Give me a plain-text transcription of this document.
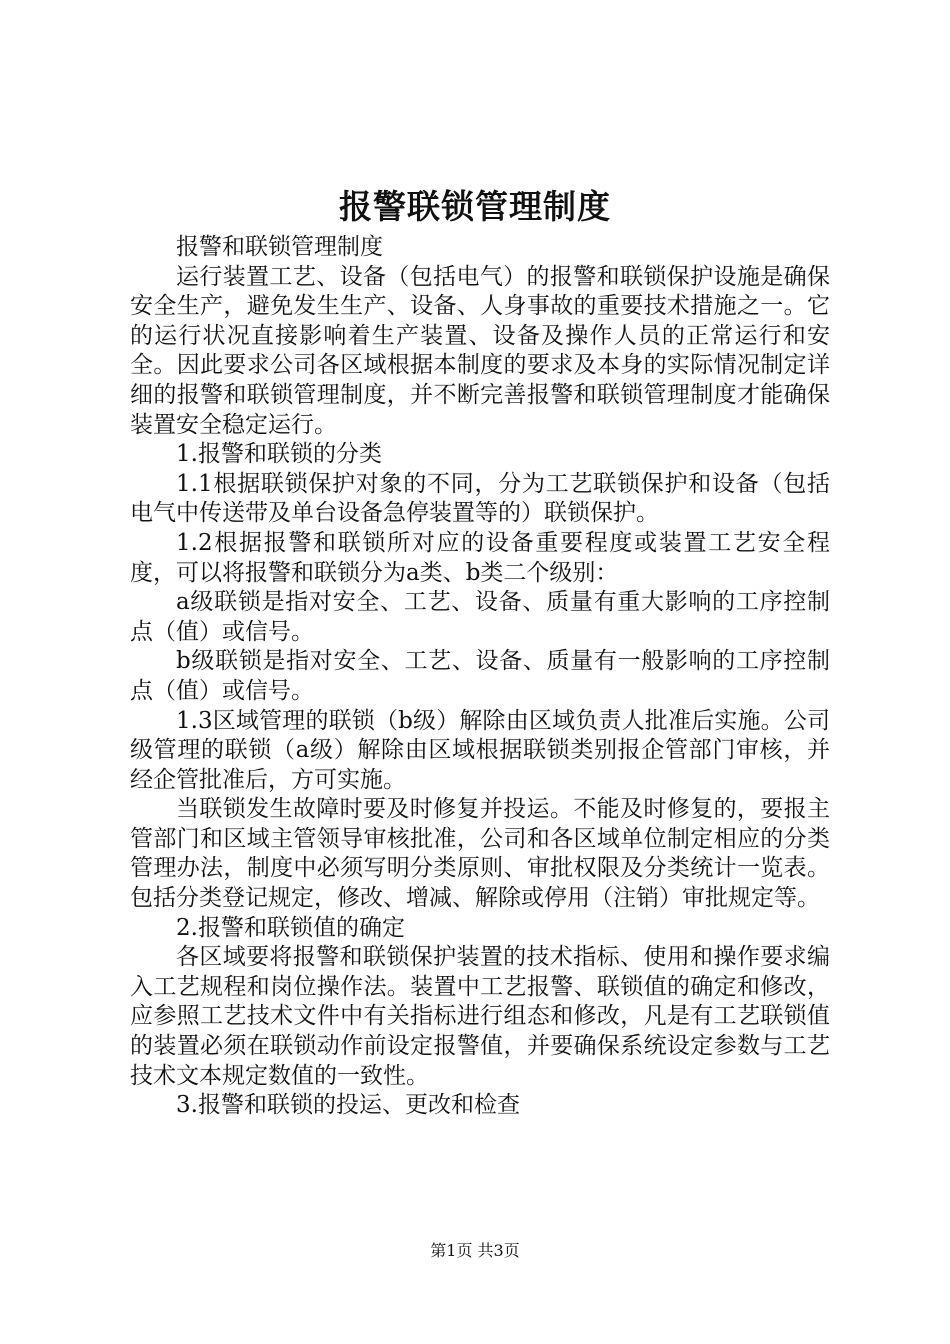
报警联锁管理制度

报警和联锁管理制度

运行装置工艺、设备（包括电气）的报警和联锁保护设施是确保安全生产，避免发生生产、设备、人身事故的重要技术措施之一。它的运行状况直接影响着生产装置、设备及操作人员的正常运行和安全。因此要求公司各区域根据本制度的要求及本身的实际情况制定详细的报警和联锁管理制度，并不断完善报警和联锁管理制度才能确保装置安全稳定运行。

1.报警和联锁的分类

1.1根据联锁保护对象的不同，分为工艺联锁保护和设备（包括电气中传送带及单台设备急停装置等的）联锁保护。

1.2根据报警和联锁所对应的设备重要程度或装置工艺安全程度，可以将报警和联锁分为a类、b类二个级别：

a级联锁是指对安全、工艺、设备、质量有重大影响的工序控制点（值）或信号。

b级联锁是指对安全、工艺、设备、质量有一般影响的工序控制点（值）或信号。

1.3区域管理的联锁（b级）解除由区域负责人批准后实施。公司级管理的联锁（a级）解除由区域根据联锁类别报企管部门审核，并经企管批准后，方可实施。

当联锁发生故障时要及时修复并投运。不能及时修复的，要报主管部门和区域主管领导审核批准，公司和各区域单位制定相应的分类管理办法，制度中必须写明分类原则、审批权限及分类统计一览表。包括分类登记规定，修改、增减、解除或停用（注销）审批规定等。

2.报警和联锁值的确定

各区域要将报警和联锁保护装置的技术指标、使用和操作要求编入工艺规程和岗位操作法。装置中工艺报警、联锁值的确定和修改，应参照工艺技术文件中有关指标进行组态和修改，凡是有工艺联锁值的装置必须在联锁动作前设定报警值，并要确保系统设定参数与工艺技术文本规定数值的一致性。

3.报警和联锁的投运、更改和检查

第1页 共3页
